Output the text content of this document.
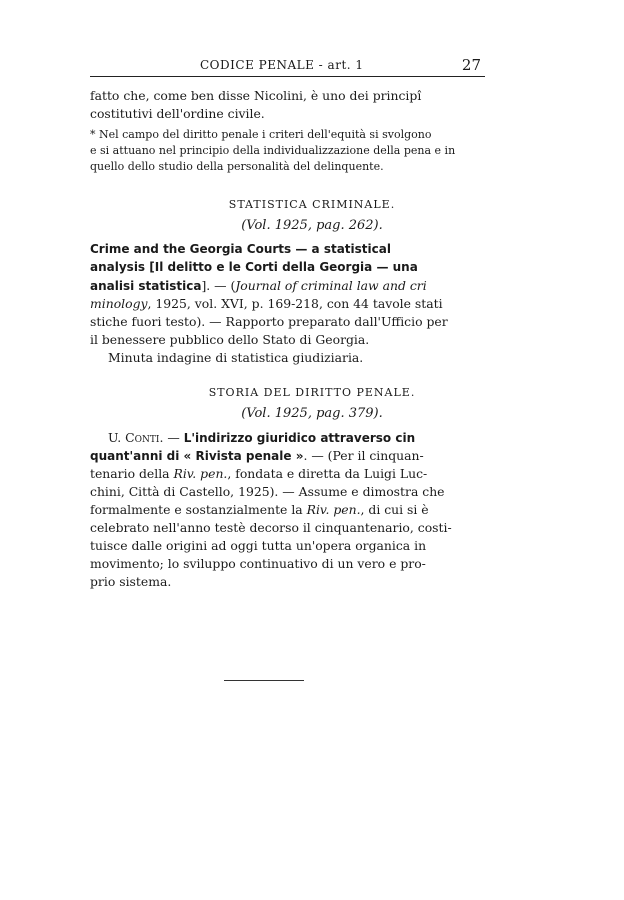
CODICE PENALE - art. 1	27
fatto che, come ben disse Nicolini, è uno dei principî
costitutivi dell'ordine civile.
* Nel campo del diritto penale i criteri dell'equità si svolgono
e si attuano nel principio della individualizzazione della pena e in
quello dello studio della personalità del delinquente.
STATISTICA CRIMINALE.
(Vol. 1925, pag. 262).
Crime and the Georgia Courts — a statistical
analysis [Il delitto e le Corti della Georgia — una
analisi statistica]. — (Journal of criminal law and cri
minology, 1925, vol. XVI, p. 169-218, con 44 tavole stati
stiche fuori testo). — Rapporto preparato dall'Ufficio per
il benessere pubblico dello Stato di Georgia.
Minuta indagine di statistica giudiziaria.
STORIA DEL DIRITTO PENALE.
(Vol. 1925, pag. 379).
U. Conti. — L'indirizzo giuridico attraverso cin
quant'anni di « Rivista penale ». — (Per il cinquan-
tenario della Riv. pen., fondata e diretta da Luigi Luc-
chini, Città di Castello, 1925). — Assume e dimostra che
formalmente e sostanzialmente la Riv. pen., di cui si è
celebrato nell'anno testè decorso il cinquantenario, costi-
tuisce dalle origini ad oggi tutta un'opera organica in
movimento; lo sviluppo continuativo di un vero e pro-
prio sistema.
